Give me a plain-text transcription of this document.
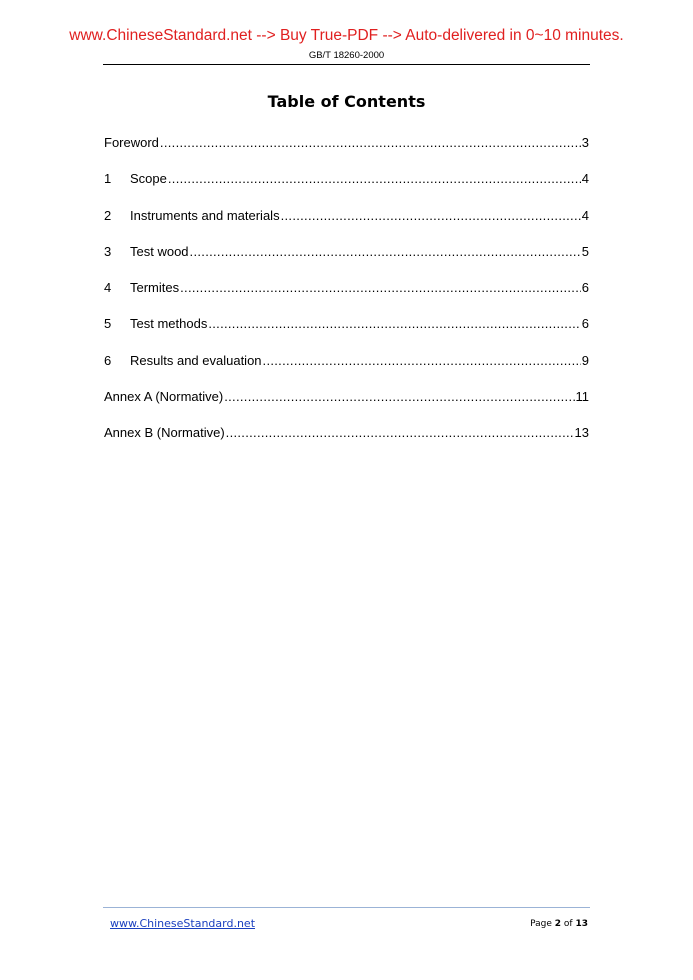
www.ChineseStandard.net --> Buy True-PDF --> Auto-delivered in 0~10 minutes.
GB/T 18260-2000
Table of Contents
Foreword .....	3
1	Scope .....	4
2	Instruments and materials .....	4
3	Test wood .....	5
4	Termites .....	6
5	Test methods .....	6
6	Results and evaluation .....	9
Annex A (Normative) .....	11
Annex B (Normative) .....	13
www.ChineseStandard.net	Page 2 of 13
